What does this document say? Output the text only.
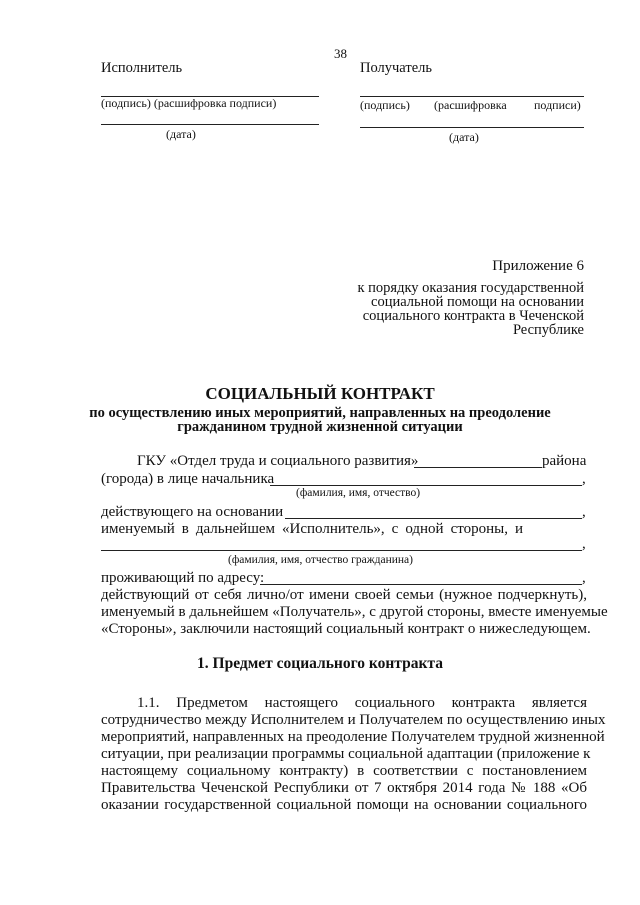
38
Исполнитель
(подпись) (расшифровка подписи)
(дата)
Получатель
(подпись) (расшифровка подписи)
(дата)
Приложение 6
к порядку оказания государственной
социальной помощи на основании
социального контракта в Чеченской
Республике
СОЦИАЛЬНЫЙ КОНТРАКТ
по осуществлению иных мероприятий, направленных на преодоление
гражданином трудной жизненной ситуации
ГКУ «Отдел труда и социального развития»	района
(города) в лице начальника	,
(фамилия, имя, отчество)
действующего на основании	,
именуемый в дальнейшем «Исполнитель», с одной стороны, и
,
(фамилия, имя, отчество гражданина)
проживающий по адресу:	,
действующий от себя лично/от имени своей семьи (нужное подчеркнуть),
именуемый в дальнейшем «Получатель», с другой стороны, вместе именуемые
«Стороны», заключили настоящий социальный контракт о нижеследующем.
1. Предмет социального контракта
1.1. Предметом настоящего социального контракта является
сотрудничество между Исполнителем и Получателем по осуществлению иных
мероприятий, направленных на преодоление Получателем трудной жизненной
ситуации, при реализации программы социальной адаптации (приложение к
настоящему социальному контракту) в соответствии с постановлением
Правительства Чеченской Республики от 7 октября 2014 года № 188 «Об
оказании государственной социальной помощи на основании социального
